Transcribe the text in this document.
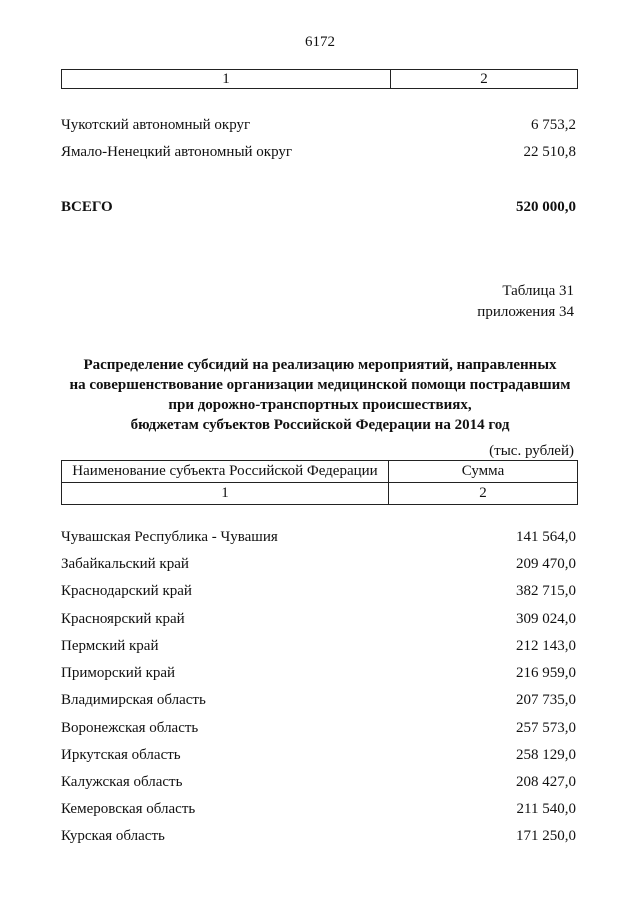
6172
1	2
Чукотский автономный округ	6 753,2
Ямало-Ненецкий автономный округ	22 510,8
ВСЕГО	520 000,0
Таблица 31
приложения 34
Распределение субсидий на реализацию мероприятий, направленных
на совершенствование организации медицинской помощи пострадавшим
при дорожно-транспортных происшествиях,
бюджетам субъектов Российской Федерации на 2014 год
(тыс. рублей)
Наименование субъекта Российской Федерации	Сумма
1	2
Чувашская Республика - Чувашия	141 564,0
Забайкальский край	209 470,0
Краснодарский край	382 715,0
Красноярский край	309 024,0
Пермский край	212 143,0
Приморский край	216 959,0
Владимирская область	207 735,0
Воронежская область	257 573,0
Иркутская область	258 129,0
Калужская область	208 427,0
Кемеровская область	211 540,0
Курская область	171 250,0
